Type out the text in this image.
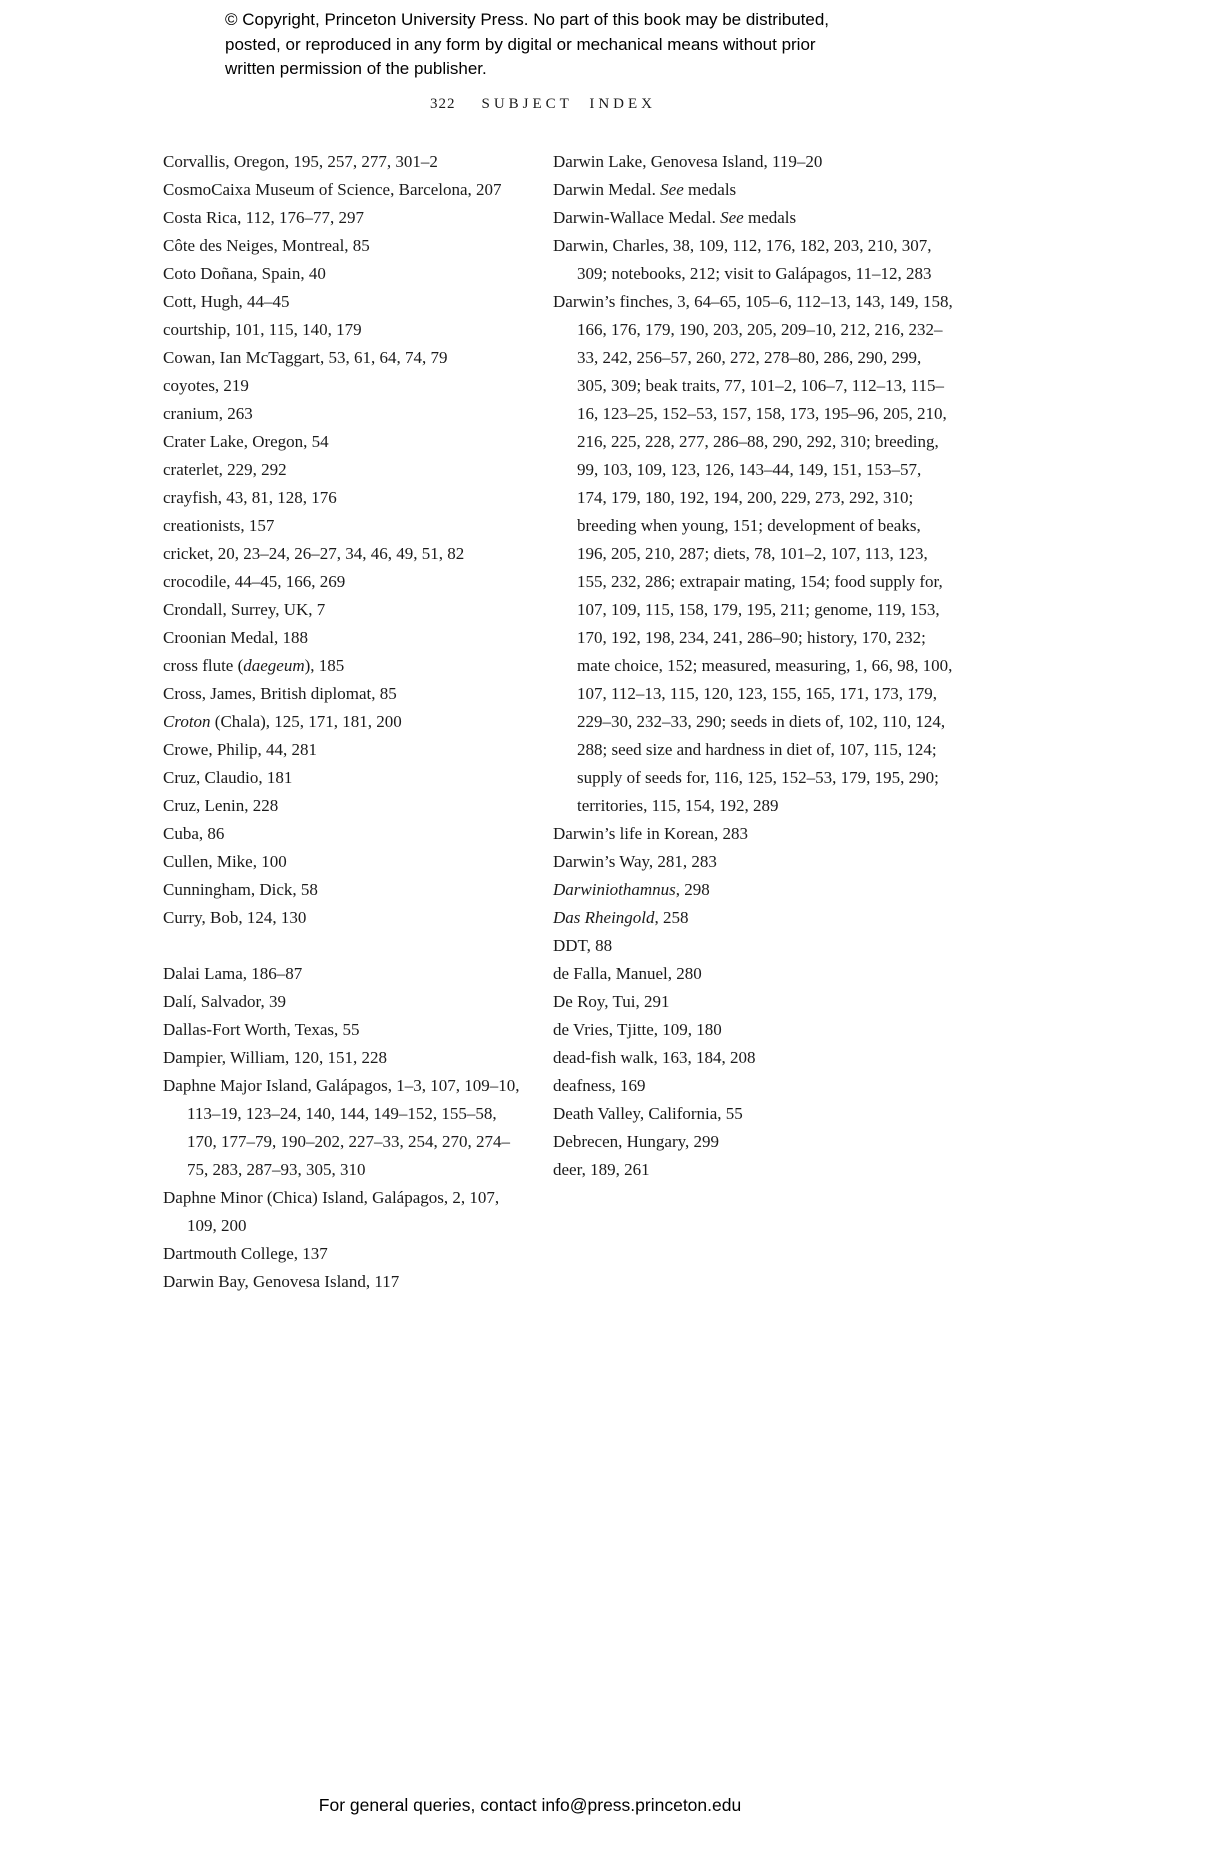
© Copyright, Princeton University Press. No part of this book may be distributed, posted, or reproduced in any form by digital or mechanical means without prior written permission of the publisher.
322 SUBJECT INDEX
Corvallis, Oregon, 195, 257, 277, 301–2
CosmoCaixa Museum of Science, Barcelona, 207
Costa Rica, 112, 176–77, 297
Côte des Neiges, Montreal, 85
Coto Doñana, Spain, 40
Cott, Hugh, 44–45
courtship, 101, 115, 140, 179
Cowan, Ian McTaggart, 53, 61, 64, 74, 79
coyotes, 219
cranium, 263
Crater Lake, Oregon, 54
craterlet, 229, 292
crayfish, 43, 81, 128, 176
creationists, 157
cricket, 20, 23–24, 26–27, 34, 46, 49, 51, 82
crocodile, 44–45, 166, 269
Crondall, Surrey, UK, 7
Croonian Medal, 188
cross flute (daegeum), 185
Cross, James, British diplomat, 85
Croton (Chala), 125, 171, 181, 200
Crowe, Philip, 44, 281
Cruz, Claudio, 181
Cruz, Lenin, 228
Cuba, 86
Cullen, Mike, 100
Cunningham, Dick, 58
Curry, Bob, 124, 130
Dalai Lama, 186–87
Dalí, Salvador, 39
Dallas-Fort Worth, Texas, 55
Dampier, William, 120, 151, 228
Daphne Major Island, Galápagos, 1–3, 107, 109–10, 113–19, 123–24, 140, 144, 149–152, 155–58, 170, 177–79, 190–202, 227–33, 254, 270, 274–75, 283, 287–93, 305, 310
Daphne Minor (Chica) Island, Galápagos, 2, 107, 109, 200
Dartmouth College, 137
Darwin Bay, Genovesa Island, 117
Darwin Lake, Genovesa Island, 119–20
Darwin Medal. See medals
Darwin-Wallace Medal. See medals
Darwin, Charles, 38, 109, 112, 176, 182, 203, 210, 307, 309; notebooks, 212; visit to Galápagos, 11–12, 283
Darwin’s finches, 3, 64–65, 105–6, 112–13, 143, 149, 158, 166, 176, 179, 190, 203, 205, 209–10, 212, 216, 232–33, 242, 256–57, 260, 272, 278–80, 286, 290, 299, 305, 309; beak traits, 77, 101–2, 106–7, 112–13, 115–16, 123–25, 152–53, 157, 158, 173, 195–96, 205, 210, 216, 225, 228, 277, 286–88, 290, 292, 310; breeding, 99, 103, 109, 123, 126, 143–44, 149, 151, 153–57, 174, 179, 180, 192, 194, 200, 229, 273, 292, 310; breeding when young, 151; development of beaks, 196, 205, 210, 287; diets, 78, 101–2, 107, 113, 123, 155, 232, 286; extrapair mating, 154; food supply for, 107, 109, 115, 158, 179, 195, 211; genome, 119, 153, 170, 192, 198, 234, 241, 286–90; history, 170, 232; mate choice, 152; measured, measuring, 1, 66, 98, 100, 107, 112–13, 115, 120, 123, 155, 165, 171, 173, 179, 229–30, 232–33, 290; seeds in diets of, 102, 110, 124, 288; seed size and hardness in diet of, 107, 115, 124; supply of seeds for, 116, 125, 152–53, 179, 195, 290; territories, 115, 154, 192, 289
Darwin’s life in Korean, 283
Darwin’s Way, 281, 283
Darwiniothamnus, 298
Das Rheingold, 258
DDT, 88
de Falla, Manuel, 280
De Roy, Tui, 291
de Vries, Tjitte, 109, 180
dead-fish walk, 163, 184, 208
deafness, 169
Death Valley, California, 55
Debrecen, Hungary, 299
deer, 189, 261
For general queries, contact info@press.princeton.edu
